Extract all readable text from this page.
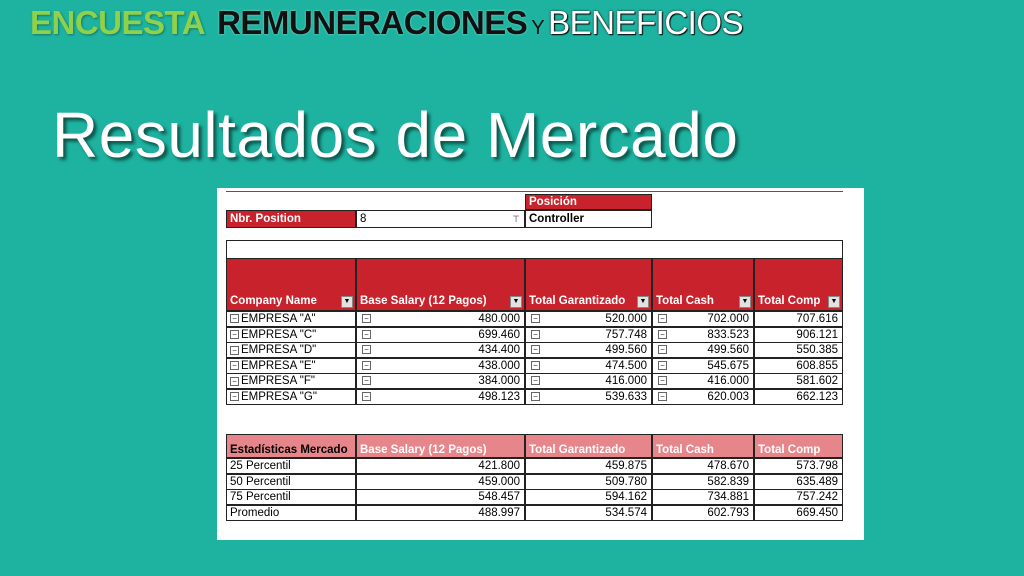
ENCUESTA REMUNERACIONES Y BENEFICIOS
Resultados de Mercado
Nbr. Position	8	⊤
Posición
Controller
Company Name	▼ Base Salary (12 Pagos)	▼ Total Garantizado	▼ Total Cash	▼ Total Comp	▼
− EMPRESA "A"	−	480.000	−	520.000	−	702.000	707.616
− EMPRESA "C"	−	699.460	−	757.748	−	833.523	906.121
− EMPRESA "D"	−	434.400	−	499.560	−	499.560	550.385
− EMPRESA "E"	−	438.000	−	474.500	−	545.675	608.855
− EMPRESA "F"	−	384.000	−	416.000	−	416.000	581.602
− EMPRESA "G"	−	498.123	−	539.633	−	620.003	662.123
Estadísticas Mercado	Base Salary (12 Pagos)	Total Garantizado	Total Cash	Total Comp
25 Percentil	421.800	459.875	478.670	573.798
50 Percentil	459.000	509.780	582.839	635.489
75 Percentil	548.457	594.162	734.881	757.242
Promedio	488.997	534.574	602.793	669.450
